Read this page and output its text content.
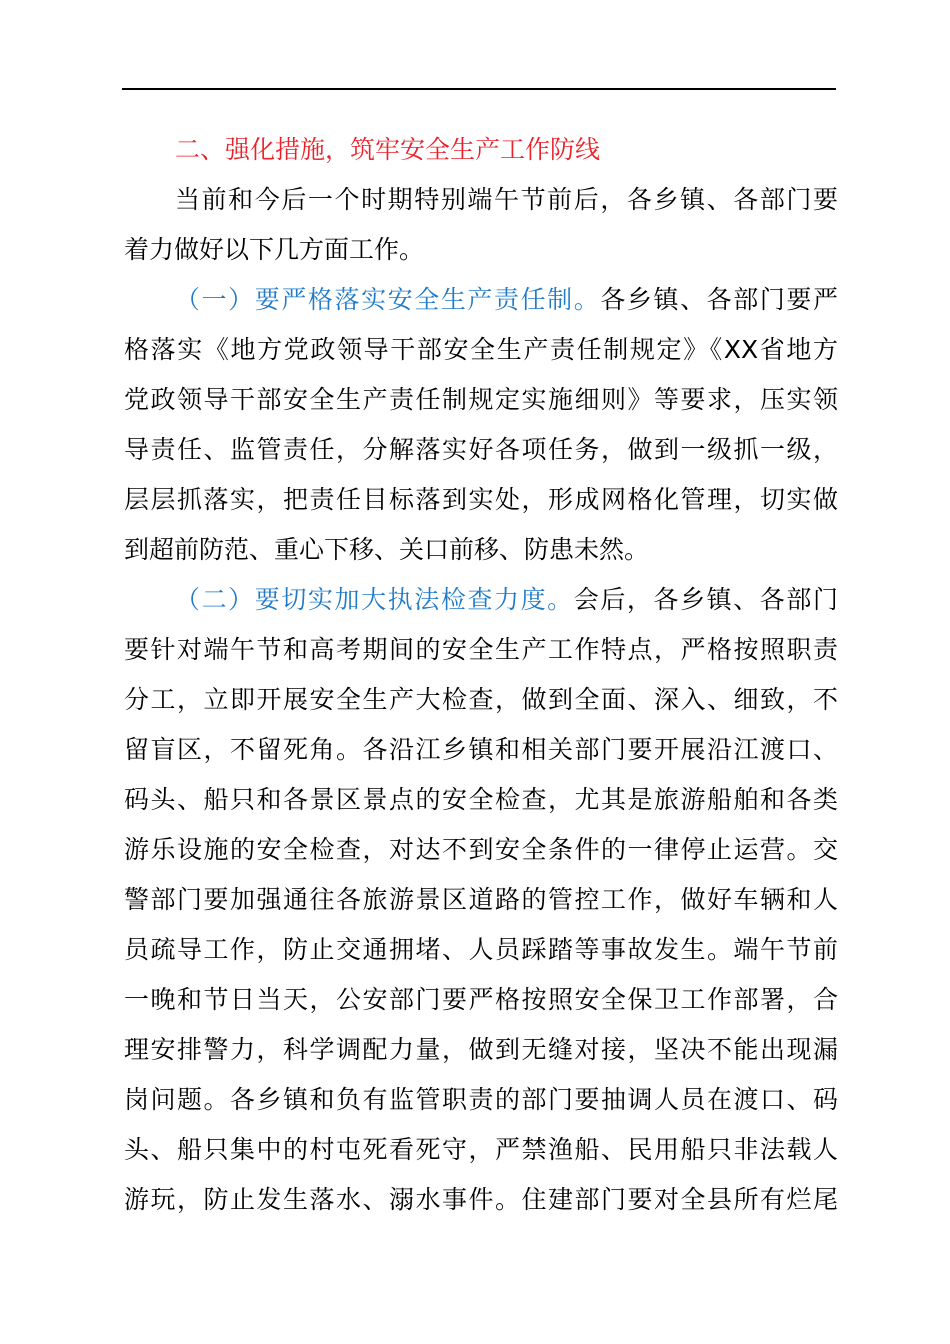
二、强化措施，筑牢安全生产工作防线
当前和今后一个时期特别端午节前后，各乡镇、各部门要
着力做好以下几方面工作。
（一）要严格落实安全生产责任制。各乡镇、各部门要严
格落实《地方党政领导干部安全生产责任制规定》《XX省地方
党政领导干部安全生产责任制规定实施细则》等要求，压实领
导责任、监管责任，分解落实好各项任务，做到一级抓一级，
层层抓落实，把责任目标落到实处，形成网格化管理，切实做
到超前防范、重心下移、关口前移、防患未然。
（二）要切实加大执法检查力度。会后，各乡镇、各部门
要针对端午节和高考期间的安全生产工作特点，严格按照职责
分工，立即开展安全生产大检查，做到全面、深入、细致，不
留盲区，不留死角。各沿江乡镇和相关部门要开展沿江渡口、
码头、船只和各景区景点的安全检查，尤其是旅游船舶和各类
游乐设施的安全检查，对达不到安全条件的一律停止运营。交
警部门要加强通往各旅游景区道路的管控工作，做好车辆和人
员疏导工作，防止交通拥堵、人员踩踏等事故发生。端午节前
一晚和节日当天，公安部门要严格按照安全保卫工作部署，合
理安排警力，科学调配力量，做到无缝对接，坚决不能出现漏
岗问题。各乡镇和负有监管职责的部门要抽调人员在渡口、码
头、船只集中的村屯死看死守，严禁渔船、民用船只非法载人
游玩，防止发生落水、溺水事件。住建部门要对全县所有烂尾
